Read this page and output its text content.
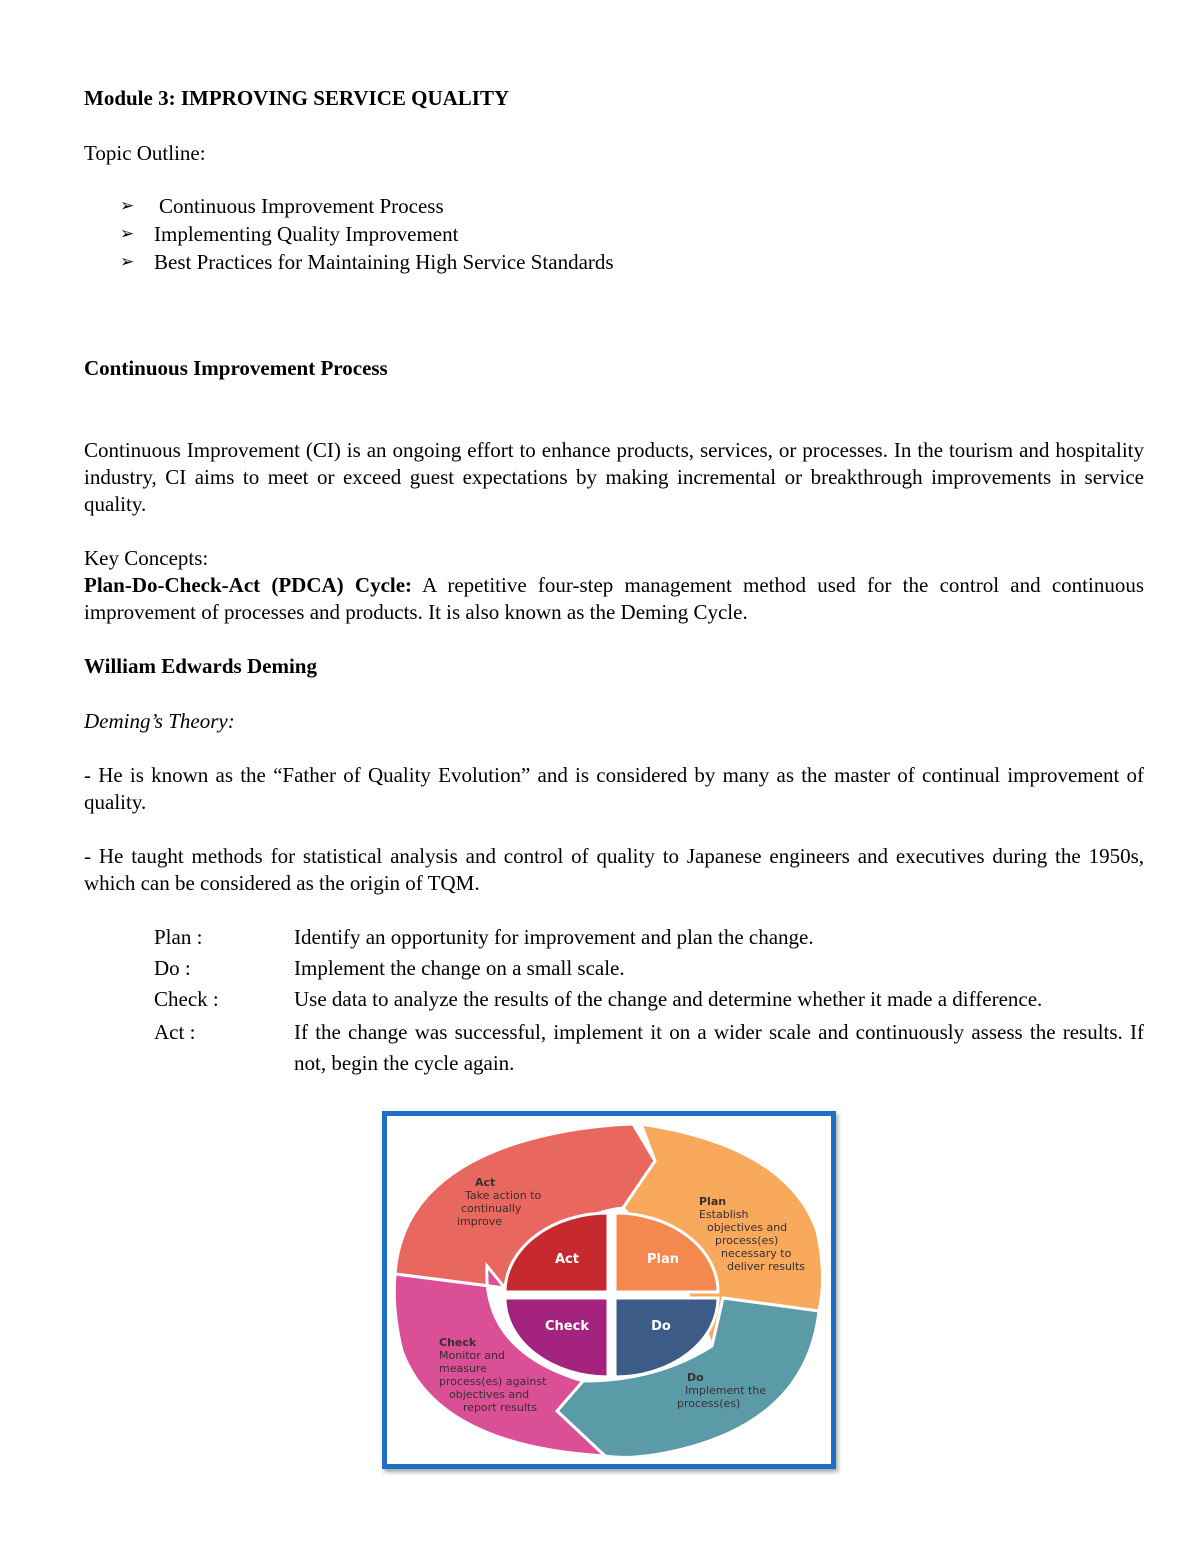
Module 3: IMPROVING SERVICE QUALITY
Topic Outline:
➢ Continuous Improvement Process
➢ Implementing Quality Improvement
➢ Best Practices for Maintaining High Service Standards
Continuous Improvement Process
Continuous Improvement (CI) is an ongoing effort to enhance products, services, or processes. In the tourism and hospitality industry, CI aims to meet or exceed guest expectations by making incremental or breakthrough improvements in service quality.
Key Concepts:
Plan-Do-Check-Act (PDCA) Cycle: A repetitive four-step management method used for the control and continuous improvement of processes and products. It is also known as the Deming Cycle.
William Edwards Deming
Deming’s Theory:
- He is known as the “Father of Quality Evolution” and is considered by many as the master of continual improvement of quality.
- He taught methods for statistical analysis and control of quality to Japanese engineers and executives during the 1950s, which can be considered as the origin of TQM.
Plan :	Identify an opportunity for improvement and plan the change.
Do :	Implement the change on a small scale.
Check :	Use data to analyze the results of the change and determine whether it made a difference.
Act :	If the change was successful, implement it on a wider scale and continuously assess the results. If not, begin the cycle again.
Act	Plan
Check	Do
Act
Take action to
continually
improve
Plan
Establish
objectives and
process(es)
necessary to
deliver results
Check
Monitor and
measure
process(es) against
objectives and
report results
Do
Implement the
process(es)
